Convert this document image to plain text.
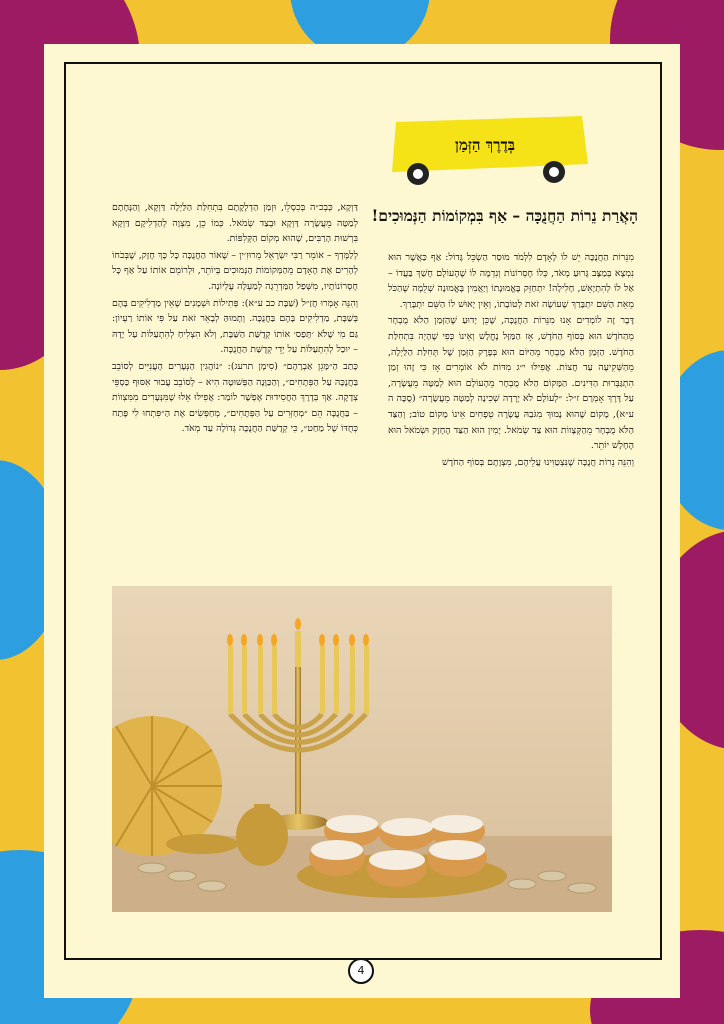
בְּדֶרֶךְ הַזְּמַן
הָאֲרַת נֵרוֹת הַחֲנֻכָּה – אַף בִּמְקוֹמוֹת הַנְּמוּכִים!

מִנֵּרוֹת הַחֲנֻכָּה יֵשׁ לוֹ לָאָדָם לִלְמֹד מוּסַר הַשְׂכֵּל גָּדוֹל: אַף כַּאֲשֶׁר הוּא נִמְצָא בְּמַצָּב גָּרוּעַ מְאֹד, כְּלוֹ חֶסְרוֹנוֹת וְנִדְמֶה לוֹ שֶׁהָעוֹלָם חָשַׁךְ בַּעֲדוֹ – אַל לוֹ לְהִתְיָאֵשׁ, חָלִילָה! יִתְחַזֵּק בֶּאֱמוּנָתוֹ וְיַאֲמִין בֶּאֱמוּנָה שְׁלֵמָה שֶׁהַכֹּל מֵאֵת הַשֵּׁם יִתְבָּרַךְ שֶׁעוֹשֶׂה זֹאת לְטוֹבָתוֹ, וְאֵין יָאוּשׁ לוֹ הַשֵּׁם יִתְבָּרַךְ.

דָּבָר זֶה לוֹמְדִים אָנוּ מִנֵּרוֹת הַחֲנֻכָּה, שֶׁכֵּן יָדוּעַ שֶׁהַזְּמַן הַלֹּא מֻבְחָר מֵהַחֹדֶשׁ הוּא בְּסוֹף הַחֹדֶשׁ, אָז הַמַּזָּל נֶחֱלָשׁ וְאֵינוֹ כְּפִי שֶׁהָיָה בִּתְחִלַּת הַחֹדֶשׁ. הַזְּמַן הַלֹּא מֻבְחָר מֵהַיּוֹם הוּא בְּפֶרֶק הַזְּמַן שֶׁל תְּחִלַּת הַלַּיְלָה, מֵהַשְּׁקִיעָה עַד חֲצוֹת. אֲפִילּוּ י״ג מִדּוֹת לֹא אוֹמְרִים אָז כִּי זֶהוּ זְמַן הִתְגַּבְּרוּת הַדִּינִים. הַמָּקוֹם הַלֹּא מֻבְחָר מֵהָעוֹלָם הוּא לְמַטָּה מֵעֲשָׂרָה, עַל דֶּרֶךְ אָמְרָם ז״ל: ״לְעוֹלָם לֹא יָרְדָה שְׁכִינָה לְמַטָּה מֵעֲשָׂרָה״ (סֻכָּה ה ע״א), מָקוֹם שֶׁהוּא נָמוּךְ מִגֹּבַהּ עֲשָׂרָה טְפָחִים אֵינוֹ מָקוֹם טוֹב; וְהַצַּד הַלֹּא מֻבְחָר מֵהַקְּצָווֹת הוּא צַד שְׂמֹאל. יָמִין הוּא הַצַּד הֶחָזָק וּשְׂמֹאל הוּא הֶחָלָשׁ יוֹתֵר.

וְהִנֵּה נֵרוֹת חֲנֻכָּה שֶׁנִּצְטַוִּינוּ עֲלֵיהֶם, מִצְוָתָם בְּסוֹף הַחֹדֶשׁ

דַּוְקָא, כְּבְכ״ה בְּכִסְלֵו, וּזְמַן הַדְלָקָתָם בִּתְחִלַּת הַלַּיְלָה דַּוְקָא, וְהַנָּחָתָם לְמַטָּה מֵעֲשָׂרָה דַּוְקָא וּבְצַד שְׂמֹאל. כְּמוֹ כֵן, מִצְוָה לְהַדְלִיקָם דַּוְקָא בִּרְשׁוּת הָרַבִּים, שֶׁהוּא מְקוֹם הַקְּלִפּוֹת.

לְלַמֶּדְךָ – אוֹמֵר רַבִּי יִשְׂרָאֵל מֵרוּזִ׳ין – שֶׁאוֹר הַחֲנֻכָּה כָּל כָּךְ חָזָק, שֶׁבְּכֹחוֹ לְהָרִים אֶת הָאָדָם מֵהַמְּקוֹמוֹת הַנְּמוּכִים בְּיוֹתֵר, וּלְרוֹמֵם אוֹתוֹ עַל אַף כָּל חֶסְרוֹנוֹתָיו, מִשְּׁפַל הַמַּדְרֵגָה לְמַעְלָה עֶלְיוֹנָה.

וְהִנֵּה אָמְרוּ חֲזַ״ל (שַׁבָּת כב ע״א): פְּתִילוֹת וּשְׁמָנִים שֶׁאֵין מַדְלִיקִים בָּהֶם בְּשַׁבָּת, מַדְלִיקִים בָּהֶם בַּחֲנֻכָּה. וְתָמוּהַּ לְבָאֵר זֹאת עַל פִּי אוֹתוֹ רַעְיוֹן: גַּם מִי שֶׁלֹּא ׳תָּפַס׳ אוֹתוֹ קְדֻשַּׁת הַשַּׁבָּת, וְלֹא הִצְלִיחַ לְהִתְעַלּוֹת עַל יָדָהּ – יוּכַל לְהִתְעַלּוֹת עַל יְדֵי קְדֻשַּׁת הַחֲנֻכָּה.

כָּתַב הַ״מָּגֵן אַבְרָהָם״ (סִימָן תרעג): ״נוֹהֲגִין הַנְּעָרִים הָעֲנִיִּים לְסוֹבֵב בַּחֲנֻכָּה עַל הַפְּתָחִים״, וְהַכַּוָּנָה הַפְּשׁוּטָה הִיא – לְסוֹבֵב עֲבוּר אִסּוּף כַּסְפֵּי צְדָקָה. אַךְ בְּדֶרֶךְ הַחֲסִידוּת אֶפְשָׁר לוֹמַר: אֲפִילּוּ אֵלּוּ שֶׁמִּנְּעָרִים מִמִּצְווֹת – בַּחֲנֻכָּה הֵם ״מְחַזְּרִים עַל הַפְּתָחִים״, מְחַפְּשִׂים אֶת הַ״פִּתְחוּ לִי פֶּתַח כְּחֻדּוֹ שֶׁל מַחַט״, כִּי קְדֻשַּׁת הַחֲנֻכָּה גְּדוֹלָה עַד מְאֹד.

4
